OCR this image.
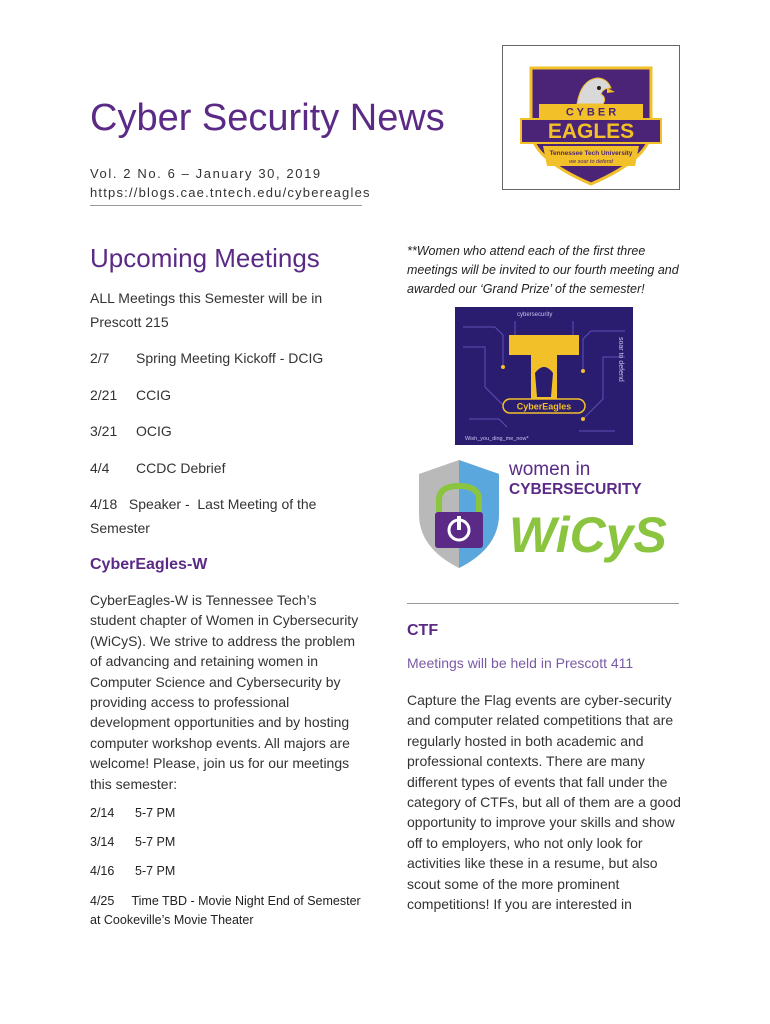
Cyber Security News
Vol. 2 No. 6 – January 30, 2019
https://blogs.cae.tntech.edu/cybereagles
C Y B E R
EAGLES
Tennessee Tech University
we soar to defend
Upcoming Meetings
ALL Meetings this Semester will be in Prescott 215
2/7 Spring Meeting Kickoff - DCIG
2/21 CCIG
3/21 OCIG
4/4 CCDC Debrief
4/18   Speaker -  Last Meeting of the Semester
CyberEagles-W
CyberEagles-W is Tennessee Tech’s student chapter of Women in Cybersecurity (WiCyS). We strive to address the problem of advancing and retaining women in Computer Science and Cybersecurity by providing access to professional development opportunities and by hosting computer workshop events. All majors are welcome! Please, join us for our meetings this semester:
2/14 5-7 PM
3/14 5-7 PM
4/16 5-7 PM
4/25     Time TBD - Movie Night End of Semester at Cookeville’s Movie Theater
**Women who attend each of the first three meetings will be invited to our fourth meeting and awarded our ‘Grand Prize’ of the semester!
cybersecurity
soar to defend
CyberEagles
Wish_you_ding_me_now*
women in
CYBERSECURITY
WiCyS
CTF
Meetings will be held in Prescott 411
Capture the Flag events are cyber-security and computer related competitions that are regularly hosted in both academic and professional contexts. There are many different types of events that fall under the category of CTFs, but all of them are a good opportunity to improve your skills and show off to employers, who not only look for activities like these in a resume, but also scout some of the more prominent competitions! If you are interested in
